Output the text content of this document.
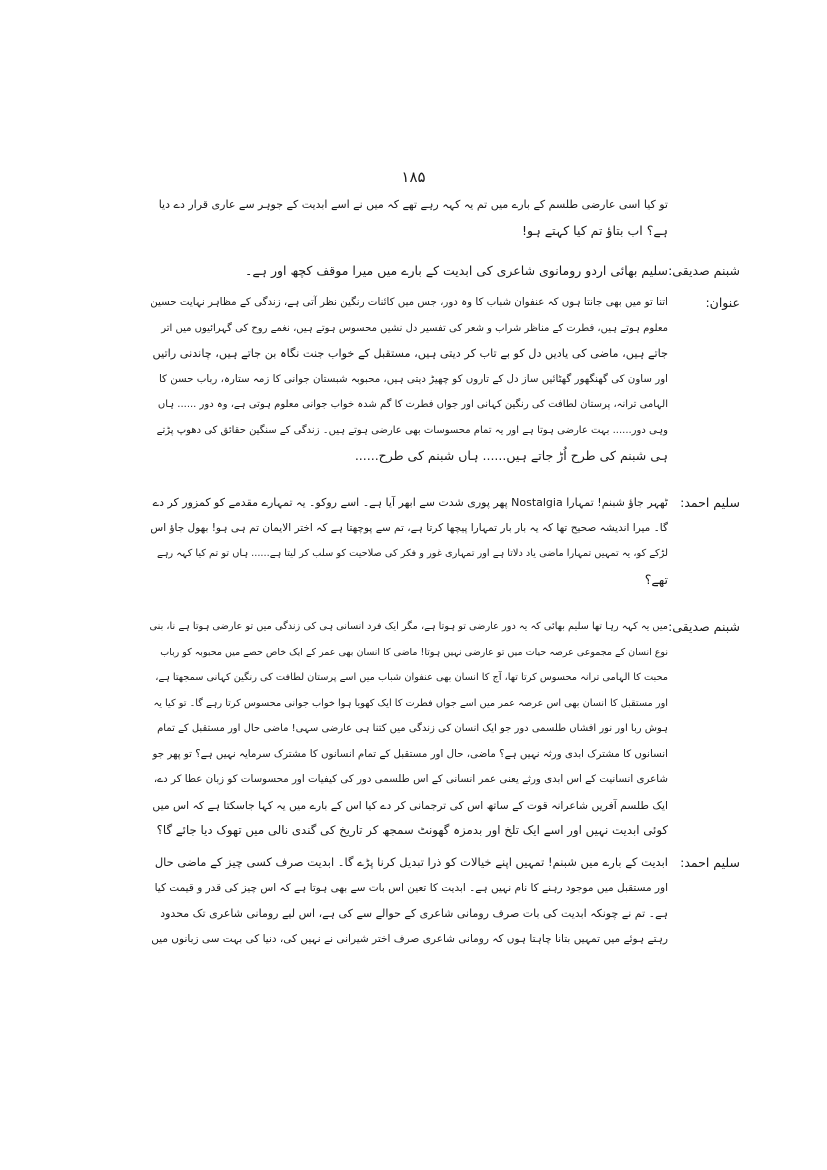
۱۸۵
تو کیا اسی عارضی طلسم کے بارے میں تم یہ کہہ رہے تھے کہ میں نے اسے ابدیت کے جوہر سے عاری قرار دے دیا
ہے؟ اب بتاؤ تم کیا کہتے ہو!
شبنم صدیقی:
سلیم بھائی اردو رومانوی شاعری کی ابدیت کے بارے میں میرا موقف کچھ اور ہے۔
عنوان:
اتنا تو میں بھی جانتا ہوں کہ عنفوان شباب کا وہ دور، جس میں کائنات رنگین نظر آتی ہے، زندگی کے مظاہر نہایت حسین
معلوم ہوتے ہیں، فطرت کے مناظر شراب و شعر کی تفسیر دل نشیں محسوس ہوتے ہیں، نغمے روح کی گہرائیوں میں اتر
جاتے ہیں، ماضی کی یادیں دل کو بے تاب کر دیتی ہیں، مستقبل کے خواب جنت نگاہ بن جاتے ہیں، چاندنی راتیں
اور ساون کی گھنگھور گھٹائیں ساز دل کے تاروں کو چھیڑ دیتی ہیں، محبوبہ شبستان جوانی کا زمہ ستارہ، رباب حسن کا
الہامی ترانہ، پرستان لطافت کی رنگین کہانی اور جواں فطرت کا گم شدہ خواب جوانی معلوم ہوتی ہے، وہ دور ...... ہاں
وہی دور...... بہت عارضی ہوتا ہے اور یہ تمام محسوسات بھی عارضی ہوتے ہیں۔ زندگی کے سنگین حقائق کی دھوپ پڑتے
ہی شبنم کی طرح اُڑ جاتے ہیں...... ہاں شبنم کی طرح......
سلیم احمد:
ٹھہر جاؤ شبنم! تمہارا Nostalgia پھر پوری شدت سے ابھر آیا ہے۔ اسے روکو۔ یہ تمہارے مقدمے کو کمزور کر دے
گا۔ میرا اندیشہ صحیح تھا کہ یہ بار بار تمہارا پیچھا کرتا ہے، تم سے پوچھتا ہے کہ اختر الایمان تم ہی ہو! بھول جاؤ اس
لڑکے کو، یہ تمہیں تمہارا ماضی یاد دلاتا ہے اور تمہاری غور و فکر کی صلاحیت کو سلب کر لیتا ہے...... ہاں تو تم کیا کہہ رہے
تھے؟
شبنم صدیقی:
میں یہ کہہ رہا تھا سلیم بھائی کہ یہ دور عارضی تو ہوتا ہے، مگر ایک فرد انسانی ہی کی زندگی میں تو عارضی ہوتا ہے نا، بنی
نوع انسان کے مجموعی عرصہ حیات میں تو عارضی نہیں ہوتا! ماضی کا انسان بھی عمر کے ایک خاص حصے میں محبوبہ کو رباب
محبت کا الہامی ترانہ محسوس کرتا تھا، آج کا انسان بھی عنفوان شباب میں اسے پرستان لطافت کی رنگین کہانی سمجھتا ہے،
اور مستقبل کا انسان بھی اس عرصہ عمر میں اسے جواں فطرت کا ایک کھویا ہوا خواب جوانی محسوس کرتا رہے گا۔ تو کیا یہ
ہوش ربا اور نور افشاں طلسمی دور جو ایک انسان کی زندگی میں کتنا ہی عارضی سہی! ماضی حال اور مستقبل کے تمام
انسانوں کا مشترک ابدی ورثہ نہیں ہے؟ ماضی، حال اور مستقبل کے تمام انسانوں کا مشترک سرمایہ نہیں ہے؟ تو پھر جو
شاعری انسانیت کے اس ابدی ورثے یعنی عمر انسانی کے اس طلسمی دور کی کیفیات اور محسوسات کو زبان عطا کر دے،
ایک طلسم آفریں شاعرانہ قوت کے ساتھ اس کی ترجمانی کر دے کیا اس کے بارے میں یہ کہا جاسکتا ہے کہ اس میں
کوئی ابدیت نہیں اور اسے ایک تلخ اور بدمزہ گھونٹ سمجھ کر تاریخ کی گندی نالی میں تھوک دیا جائے گا؟
سلیم احمد:
ابدیت کے بارے میں شبنم! تمہیں اپنے خیالات کو ذرا تبدیل کرنا پڑے گا۔ ابدیت صرف کسی چیز کے ماضی حال
اور مستقبل میں موجود رہنے کا نام نہیں ہے۔ ابدیت کا تعین اس بات سے بھی ہوتا ہے کہ اس چیز کی قدر و قیمت کیا
ہے۔ تم نے چونکہ ابدیت کی بات صرف رومانی شاعری کے حوالے سے کی ہے، اس لیے رومانی شاعری تک محدود
رہتے ہوئے میں تمہیں بتانا چاہتا ہوں کہ رومانی شاعری صرف اختر شیرانی نے نہیں کی، دنیا کی بہت سی زبانوں میں
